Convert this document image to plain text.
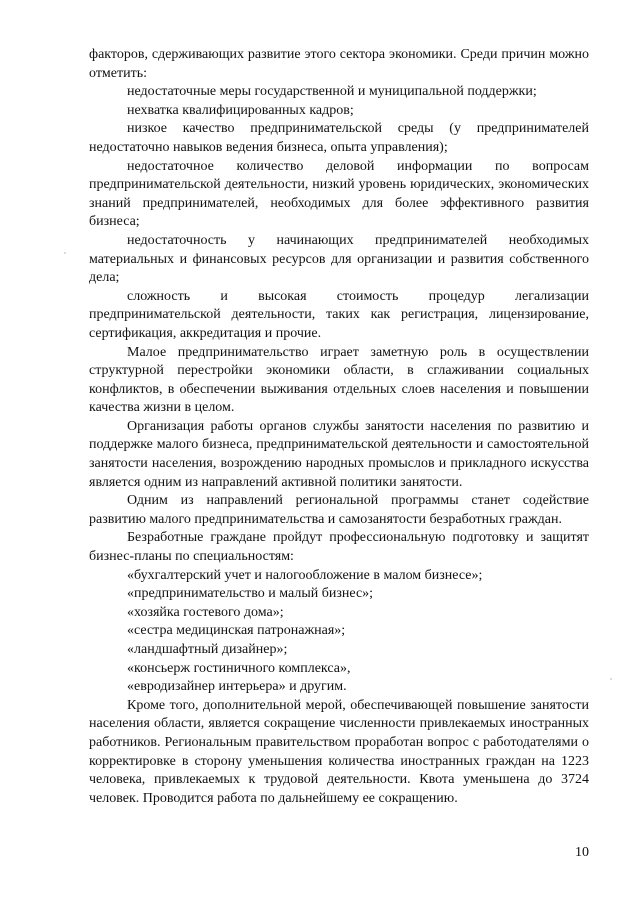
факторов, сдерживающих развитие этого сектора экономики. Среди причин можно отметить:

недостаточные меры государственной и муниципальной поддержки;

нехватка квалифицированных кадров;

низкое качество предпринимательской среды (у предпринимателей недостаточно навыков ведения бизнеса, опыта управления);

недостаточное количество деловой информации по вопросам предпринимательской деятельности, низкий уровень юридических, экономических знаний предпринимателей, необходимых для более эффективного развития бизнеса;

недостаточность у начинающих предпринимателей необходимых материальных и финансовых ресурсов для организации и развития собственного дела;

сложность и высокая стоимость процедур легализации предпринимательской деятельности, таких как регистрация, лицензирование, сертификация, аккредитация и прочие.

Малое предпринимательство играет заметную роль в осуществлении структурной перестройки экономики области, в сглаживании социальных конфликтов, в обеспечении выживания отдельных слоев населения и повышении качества жизни в целом.

Организация работы органов службы занятости населения по развитию и поддержке малого бизнеса, предпринимательской деятельности и самостоятельной занятости населения, возрождению народных промыслов и прикладного искусства является одним из направлений активной политики занятости.

Одним из направлений региональной программы станет содействие развитию малого предпринимательства и самозанятости безработных граждан.

Безработные граждане пройдут профессиональную подготовку и защитят бизнес-планы по специальностям:

«бухгалтерский учет и налогообложение в малом бизнесе»;

«предпринимательство и малый бизнес»;

«хозяйка гостевого дома»;

«сестра медицинская патронажная»;

«ландшафтный дизайнер»;

«консьерж гостиничного комплекса»,

«евродизайнер интерьера» и другим.

Кроме того, дополнительной мерой, обеспечивающей повышение занятости населения области, является сокращение численности привлекаемых иностранных работников. Региональным правительством проработан вопрос с работодателями о корректировке в сторону уменьшения количества иностранных граждан на 1223 человека, привлекаемых к трудовой деятельности. Квота уменьшена до 3724 человек. Проводится работа по дальнейшему ее сокращению.

10
